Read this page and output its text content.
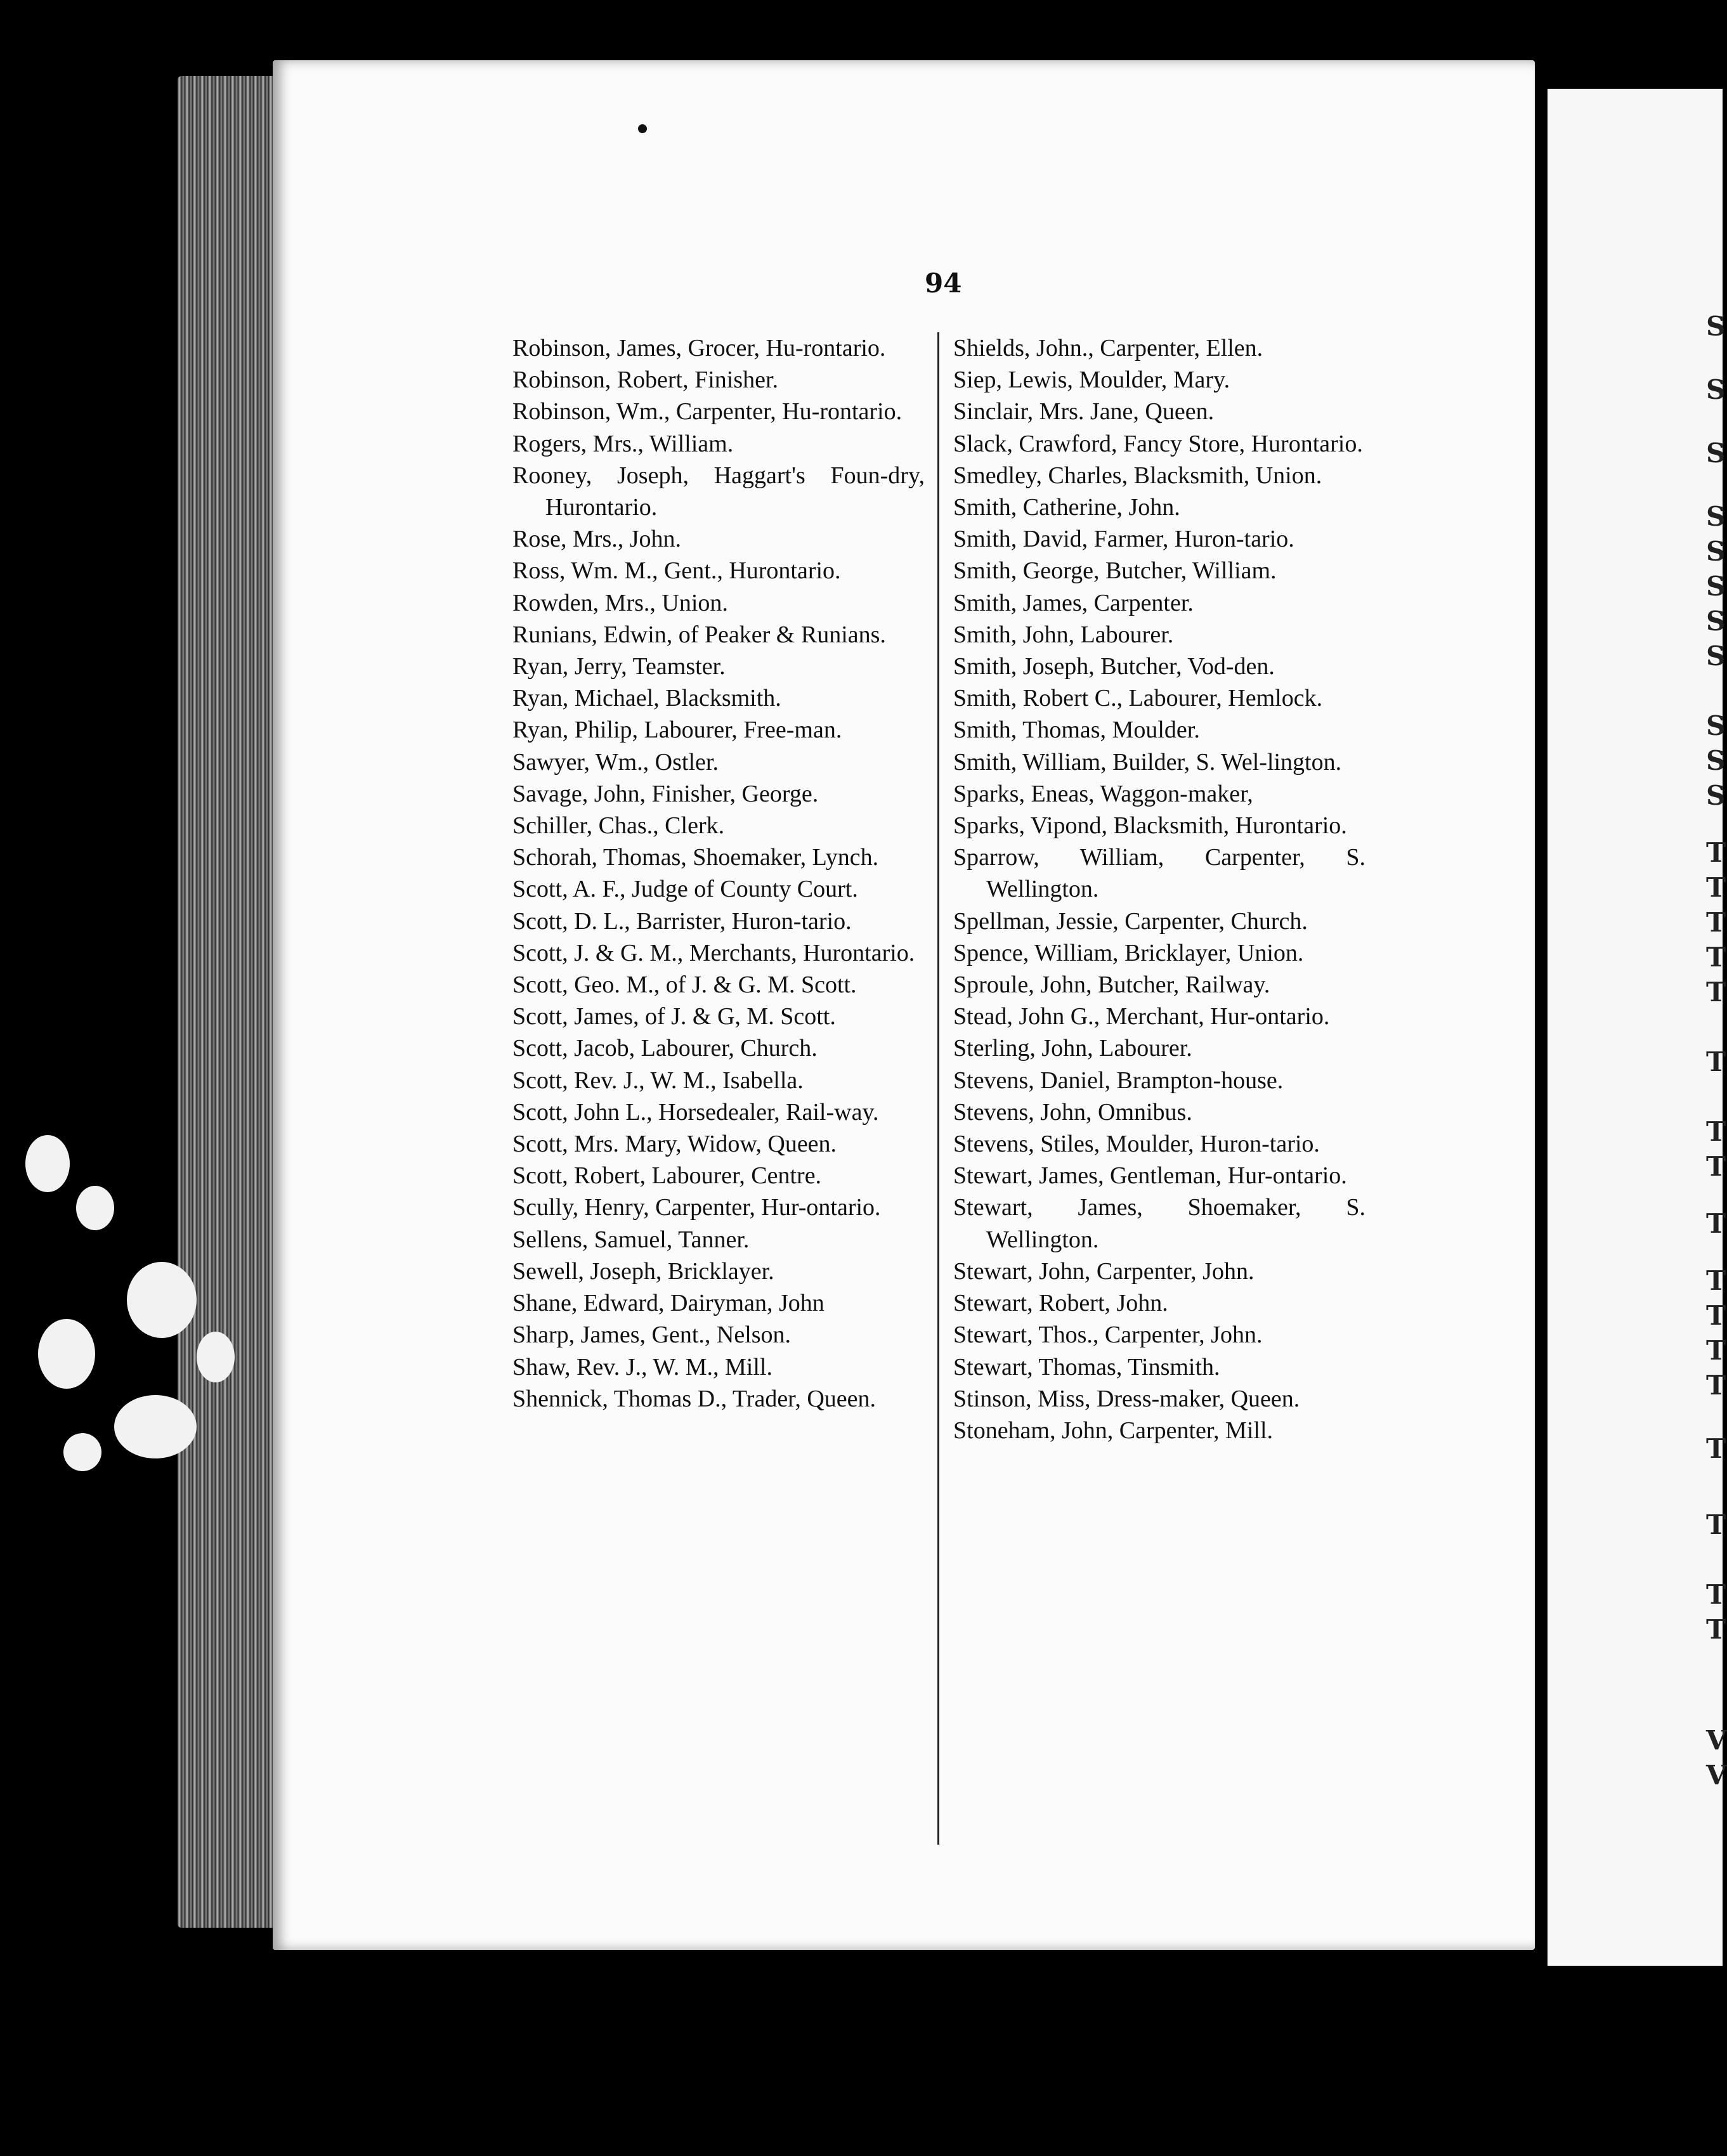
S
S
S
S
S
S
S
S
S
S
S
T
T
T
T
T
T
T
T
T
T
T
T
T
T
T
T
T
V
V
94
Robinson, James, Grocer, Hu-rontario.
Robinson, Robert, Finisher.
Robinson, Wm., Carpenter, Hu-rontario.
Rogers, Mrs., William.
Rooney, Joseph, Haggart's Foun-dry, Hurontario.
Rose, Mrs., John.
Ross, Wm. M., Gent., Hurontario.
Rowden, Mrs., Union.
Runians, Edwin, of Peaker & Runians.
Ryan, Jerry, Teamster.
Ryan, Michael, Blacksmith.
Ryan, Philip, Labourer, Free-man.
Sawyer, Wm., Ostler.
Savage, John, Finisher, George.
Schiller, Chas., Clerk.
Schorah, Thomas, Shoemaker, Lynch.
Scott, A. F., Judge of County Court.
Scott, D. L., Barrister, Huron-tario.
Scott, J. & G. M., Merchants, Hurontario.
Scott, Geo. M., of J. & G. M. Scott.
Scott, James, of J. & G, M. Scott.
Scott, Jacob, Labourer, Church.
Scott, Rev. J., W. M., Isabella.
Scott, John L., Horsedealer, Rail-way.
Scott, Mrs. Mary, Widow, Queen.
Scott, Robert, Labourer, Centre.
Scully, Henry, Carpenter, Hur-ontario.
Sellens, Samuel, Tanner.
Sewell, Joseph, Bricklayer.
Shane, Edward, Dairyman, John
Sharp, James, Gent., Nelson.
Shaw, Rev. J., W. M., Mill.
Shennick, Thomas D., Trader, Queen.
Shields, John., Carpenter, Ellen.
Siep, Lewis, Moulder, Mary.
Sinclair, Mrs. Jane, Queen.
Slack, Crawford, Fancy Store, Hurontario.
Smedley, Charles, Blacksmith, Union.
Smith, Catherine, John.
Smith, David, Farmer, Huron-tario.
Smith, George, Butcher, William.
Smith, James, Carpenter.
Smith, John, Labourer.
Smith, Joseph, Butcher, Vod-den.
Smith, Robert C., Labourer, Hemlock.
Smith, Thomas, Moulder.
Smith, William, Builder, S. Wel-lington.
Sparks, Eneas, Waggon-maker,
Sparks, Vipond, Blacksmith, Hurontario.
Sparrow, William, Carpenter, S. Wellington.
Spellman, Jessie, Carpenter, Church.
Spence, William, Bricklayer, Union.
Sproule, John, Butcher, Railway.
Stead, John G., Merchant, Hur-ontario.
Sterling, John, Labourer.
Stevens, Daniel, Brampton-house.
Stevens, John, Omnibus.
Stevens, Stiles, Moulder, Huron-tario.
Stewart, James, Gentleman, Hur-ontario.
Stewart, James, Shoemaker, S. Wellington.
Stewart, John, Carpenter, John.
Stewart, Robert, John.
Stewart, Thos., Carpenter, John.
Stewart, Thomas, Tinsmith.
Stinson, Miss, Dress-maker, Queen.
Stoneham, John, Carpenter, Mill.
